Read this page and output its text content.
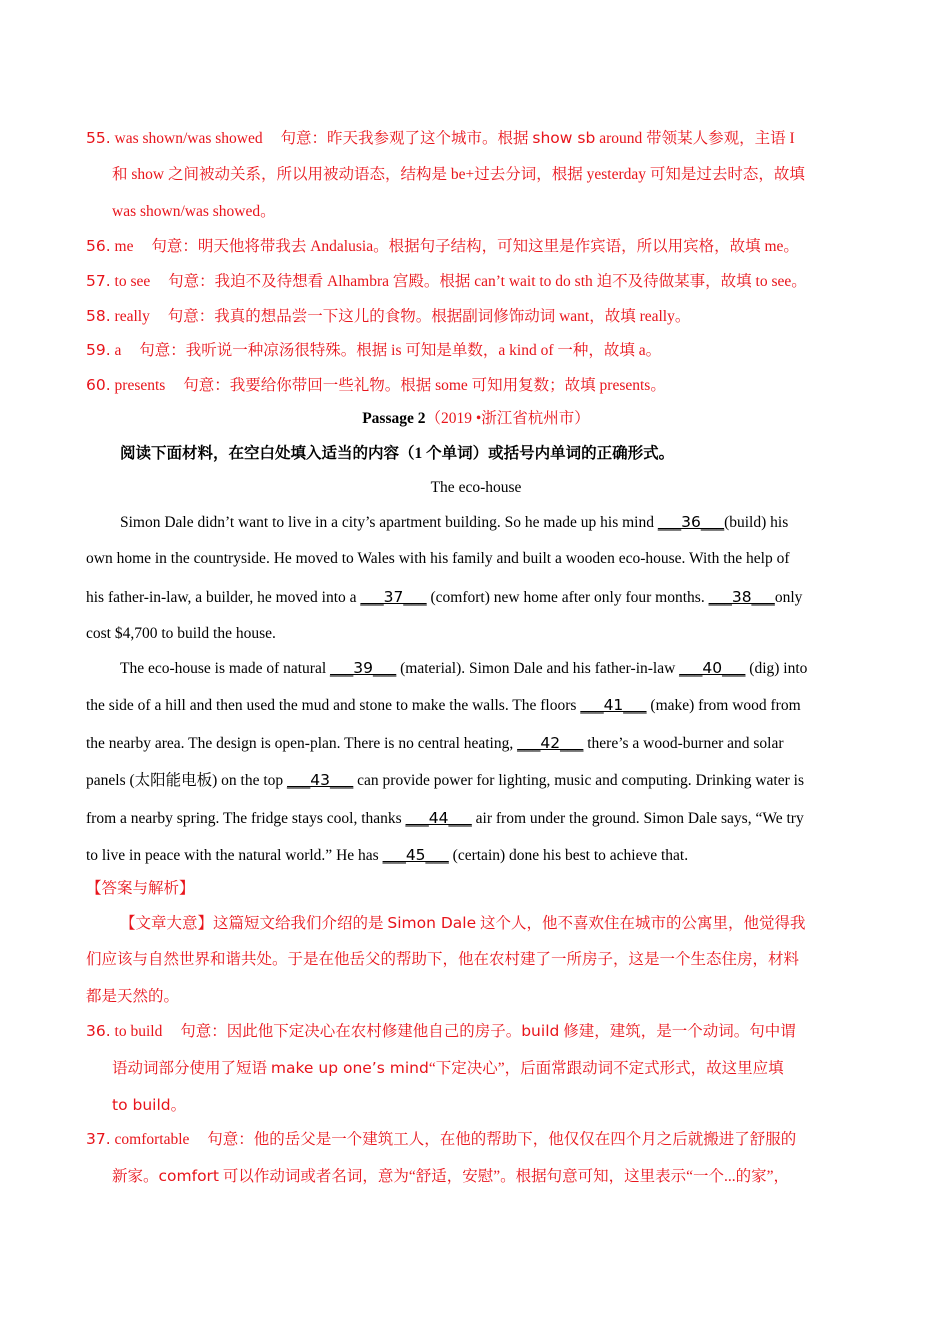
55. was shown/was showed 句意：昨天我参观了这个城市。根据 show sb around 带领某人参观，主语 I
和 show 之间被动关系，所以用被动语态，结构是 be+过去分词，根据 yesterday 可知是过去时态，故填
was shown/was showed。
56. me 句意：明天他将带我去 Andalusia。根据句子结构，可知这里是作宾语，所以用宾格，故填 me。
57. to see 句意：我迫不及待想看 Alhambra 宫殿。根据 can’t wait to do sth 迫不及待做某事，故填 to see。
58. really 句意：我真的想品尝一下这儿的食物。根据副词修饰动词 want，故填 really。
59. a 句意：我听说一种凉汤很特殊。根据 is 可知是单数，a kind of 一种，故填 a。
60. presents 句意：我要给你带回一些礼物。根据 some 可知用复数；故填 presents。
Passage 2（2019 •浙江省杭州市）
阅读下面材料，在空白处填入适当的内容（1 个单词）或括号内单词的正确形式。
The eco-house
Simon Dale didn’t want to live in a city’s apartment building. So he made up his mind ___36___(build) his
own home in the countryside. He moved to Wales with his family and built a wooden eco-house. With the help of
his father-in-law, a builder, he moved into a ___37___ (comfort) new home after only four months. ___38___only
cost $4,700 to build the house.
The eco-house is made of natural ___39___ (material). Simon Dale and his father-in-law ___40___ (dig) into
the side of a hill and then used the mud and stone to make the walls. The floors ___41___ (make) from wood from
the nearby area. The design is open-plan. There is no central heating, ___42___ there’s a wood-burner and solar
panels (太阳能电板) on the top ___43___ can provide power for lighting, music and computing. Drinking water is
from a nearby spring. The fridge stays cool, thanks ___44___ air from under the ground. Simon Dale says, “We try
to live in peace with the natural world.” He has ___45___ (certain) done his best to achieve that.
【答案与解析】
【文章大意】这篇短文给我们介绍的是 Simon Dale 这个人，他不喜欢住在城市的公寓里，他觉得我
们应该与自然世界和谐共处。于是在他岳父的帮助下，他在农村建了一所房子，这是一个生态住房，材料
都是天然的。
36. to build 句意：因此他下定决心在农村修建他自己的房子。build 修建，建筑，是一个动词。句中谓
语动词部分使用了短语 make up one’s mind“下定决心”，后面常跟动词不定式形式，故这里应填
to build。
37. comfortable 句意：他的岳父是一个建筑工人，在他的帮助下，他仅仅在四个月之后就搬进了舒服的
新家。comfort 可以作动词或者名词，意为“舒适，安慰”。根据句意可知，这里表示“一个...的家”，
